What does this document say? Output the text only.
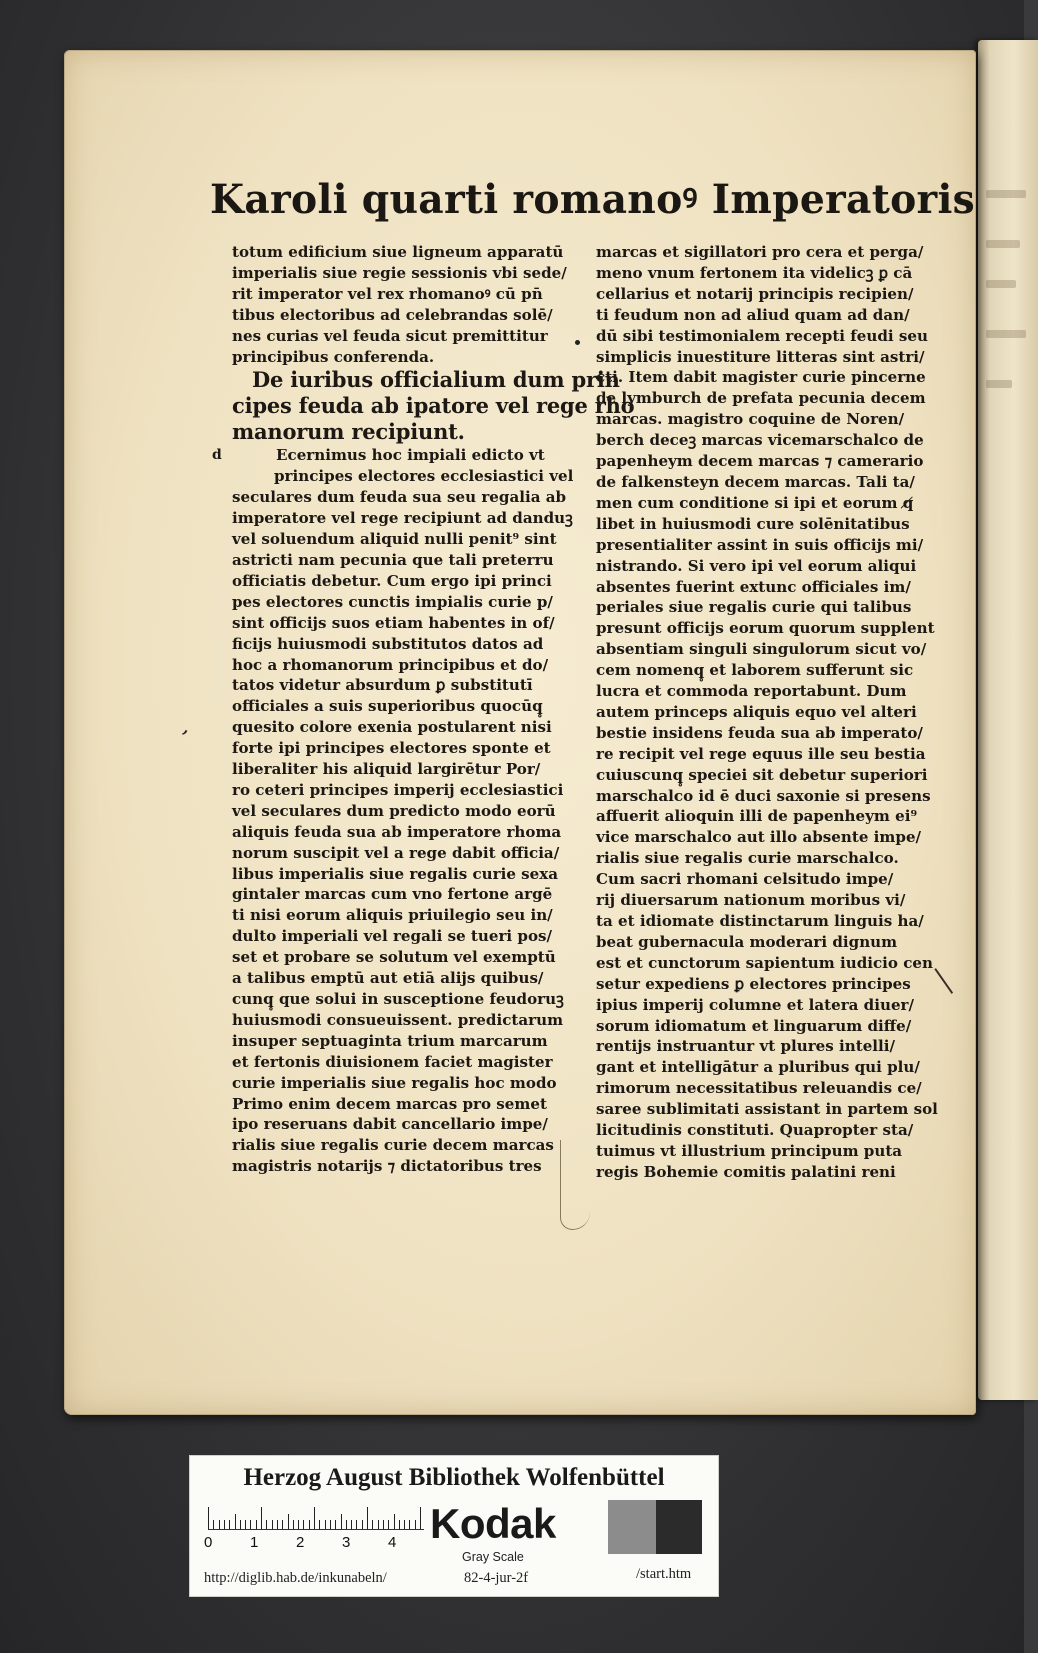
Karoli quarti romanoꝰ Imperatoris

totum edificium siue ligneum apparatū

imperialis siue regie sessionis vbi sede/

rit imperator vel rex rhomanoꝰ cū pn̄

tibus electoribus ad celebrandas solē/

nes curias vel feuda sicut premittitur

principibus conferenda.

De iuribus officialium dum prin

cipes feuda ab ipatore vel rege rho

manorum recipiunt.

d	Ecernimus hoc impiali edicto vt

principes electores ecclesiastici vel

seculares dum feuda sua seu regalia ab

imperatore vel rege recipiunt ad danduꝫ

vel soluendum aliquid nulli penit⁹ sint

astricti nam pecunia que tali preterru

officiatis debetur. Cum ergo ipi princi

pes electores cunctis impialis curie p/

sint officijs suos etiam habentes in of/

ficijs huiusmodi substitutos datos ad

hoc a rhomanorum principibus et do/

tatos videtur absurdum ꝑ substitutī

officiales a suis superioribus quocūq̥

quesito colore exenia postularent nisi

forte ipi principes electores sponte et

liberaliter his aliquid largirētur Por/

ro ceteri principes imperij ecclesiastici

vel seculares dum predicto modo eorū

aliquis feuda sua ab imperatore rhoma

norum suscipit vel a rege dabit officia/

libus imperialis siue regalis curie sexa

gintaler marcas cum vno fertone argē

ti nisi eorum aliquis priuilegio seu in/

dulto imperiali vel regali se tueri pos/

set et probare se solutum vel exemptū

a talibus emptū aut etiā alijs quibus/

cunq̥ que solui in susceptione feudoruꝫ

huiusmodi consueuissent. predictarum

insuper septuaginta trium marcarum

et fertonis diuisionem faciet magister

curie imperialis siue regalis hoc modo

Primo enim decem marcas pro semet

ipo reseruans dabit cancellario impe/

rialis siue regalis curie decem marcas

magistris notarijs ⁊ dictatoribus tres

marcas et sigillatori pro cera et perga/

meno vnum fertonem ita videlicꝫ ꝑ cā

cellarius et notarij principis recipien/

ti feudum non ad aliud quam ad dan/

dū sibi testimonialem recepti feudi seu

simplicis inuestiture litteras sint astri/

cti. Item dabit magister curie pincerne

de lymburch de prefata pecunia decem

marcas. magistro coquine de Noren/

berch deceꝫ marcas vicemarschalco de

papenheym decem marcas ⁊ camerario

de falkensteyn decem marcas. Tali ta/

men cum conditione si ipi et eorum q̸

libet in huiusmodi cure solēnitatibus

presentialiter assint in suis officijs mi/

nistrando. Si vero ipi vel eorum aliqui

absentes fuerint extunc officiales im/

periales siue regalis curie qui talibus

presunt officijs eorum quorum supplent

absentiam singuli singulorum sicut vo/

cem nomenq̥ et laborem sufferunt sic

lucra et commoda reportabunt. Dum

autem princeps aliquis equo vel alteri

bestie insidens feuda sua ab imperato/

re recipit vel rege equus ille seu bestia

cuiuscunq̥ speciei sit debetur superiori

marschalco id ē duci saxonie si presens

affuerit alioquin illi de papenheym ei⁹

vice marschalco aut illo absente impe/

rialis siue regalis curie marschalco.

Cum sacri rhomani celsitudo impe/

rij diuersarum nationum moribus vi/

ta et idiomate distinctarum linguis ha/

beat gubernacula moderari dignum

est et cunctorum sapientum iudicio cen

setur expediens ꝑ electores principes

ipius imperij columne et latera diuer/

sorum idiomatum et linguarum diffe/

rentijs instruantur vt plures intelli/

gant et intelligātur a pluribus qui plu/

rimorum necessitatibus releuandis ce/

saree sublimitati assistant in partem sol

licitudinis constituti. Quapropter sta/

tuimus vt illustrium principum puta

regis Bohemie comitis palatini reni

,
Herzog August Bibliothek Wolfenbüttel
Kodak
Gray Scale
http://diglib.hab.de/inkunabeln/	82-4-jur-2f	/start.htm
0	1	2	3	4
